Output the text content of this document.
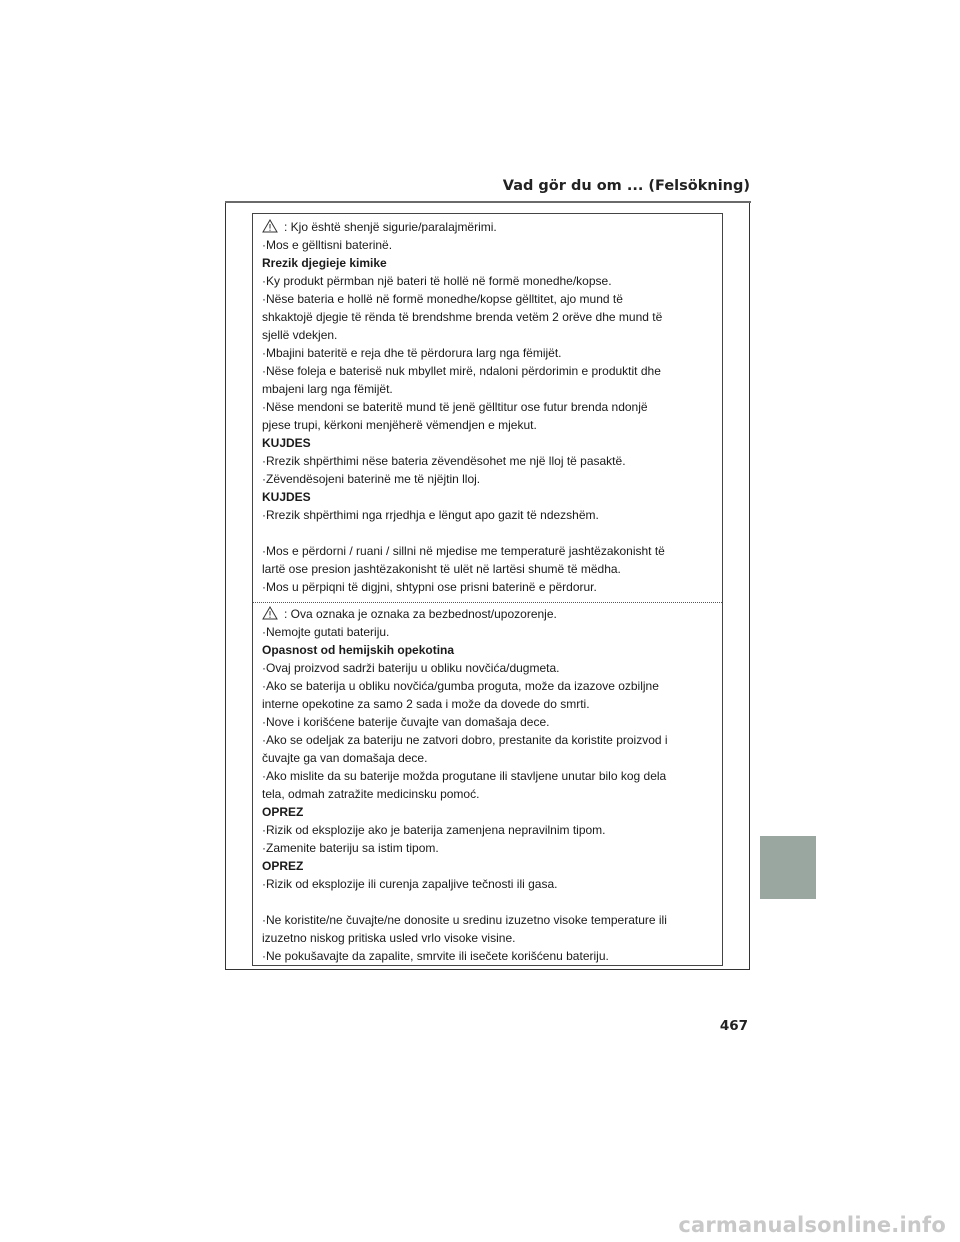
Vad gör du om ... (Felsökning)
: Kjo është shenjë sigurie/paralajmërimi.
·Mos e gëlltisni baterinë.
Rrezik djegieje kimike
·Ky produkt përmban një bateri të hollë në formë monedhe/kopse.
·Nëse bateria e hollë në formë monedhe/kopse gëlltitet, ajo mund të
shkaktojë djegie të rënda të brendshme brenda vetëm 2 orëve dhe mund të
sjellë vdekjen.
·Mbajini bateritë e reja dhe të përdorura larg nga fëmijët.
·Nëse foleja e baterisë nuk mbyllet mirë, ndaloni përdorimin e produktit dhe
mbajeni larg nga fëmijët.
·Nëse mendoni se bateritë mund të jenë gëlltitur ose futur brenda ndonjë
pjese trupi, kërkoni menjëherë vëmendjen e mjekut.
KUJDES
·Rrezik shpërthimi nëse bateria zëvendësohet me një lloj të pasaktë.
·Zëvendësojeni baterinë me të njëjtin lloj.
KUJDES
·Rrezik shpërthimi nga rrjedhja e lëngut apo gazit të ndezshëm.
·Mos e përdorni / ruani / sillni në mjedise me temperaturë jashtëzakonisht të
lartë ose presion jashtëzakonisht të ulët në lartësi shumë të mëdha.
·Mos u përpiqni të digjni, shtypni ose prisni baterinë e përdorur.
: Ova oznaka je oznaka za bezbednost/upozorenje.
·Nemojte gutati bateriju.
Opasnost od hemijskih opekotina
·Ovaj proizvod sadrži bateriju u obliku novčića/dugmeta.
·Ako se baterija u obliku novčića/gumba proguta, može da izazove ozbiljne
interne opekotine za samo 2 sada i može da dovede do smrti.
·Nove i korišćene baterije čuvajte van domašaja dece.
·Ako se odeljak za bateriju ne zatvori dobro, prestanite da koristite proizvod i
čuvajte ga van domašaja dece.
·Ako mislite da su baterije možda progutane ili stavljene unutar bilo kog dela
tela, odmah zatražite medicinsku pomoć.
OPREZ
·Rizik od eksplozije ako je baterija zamenjena nepravilnim tipom.
·Zamenite bateriju sa istim tipom.
OPREZ
·Rizik od eksplozije ili curenja zapaljive tečnosti ili gasa.
·Ne koristite/ne čuvajte/ne donosite u sredinu izuzetno visoke temperature ili
izuzetno niskog pritiska usled vrlo visoke visine.
·Ne pokušavajte da zapalite, smrvite ili isečete korišćenu bateriju.
467
carmanualsonline.info
